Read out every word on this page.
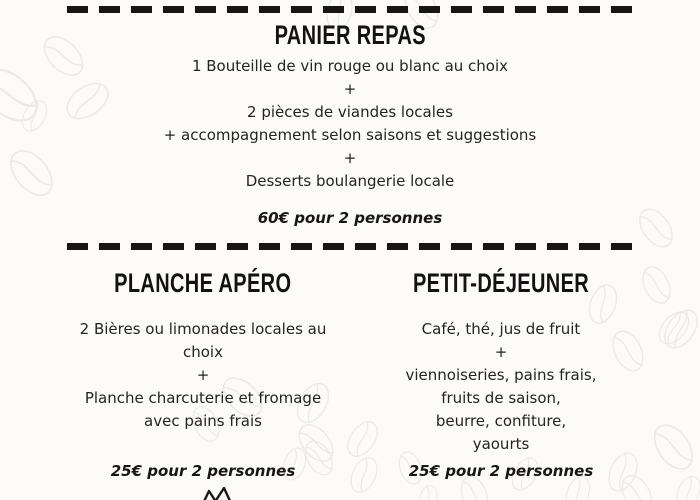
PANIER REPAS
1 Bouteille de vin rouge ou blanc au choix
+
2 pièces de viandes locales
+ accompagnement selon saisons et suggestions
+
Desserts boulangerie locale
60€ pour 2 personnes
PLANCHE APÉRO
2 Bières ou limonades locales au
choix
+
Planche charcuterie et fromage
avec pains frais
25€ pour 2 personnes
PETIT-DÉJEUNER
Café, thé, jus de fruit
+
viennoiseries, pains frais,
fruits de saison,
beurre, confiture,
yaourts
25€ pour 2 personnes
